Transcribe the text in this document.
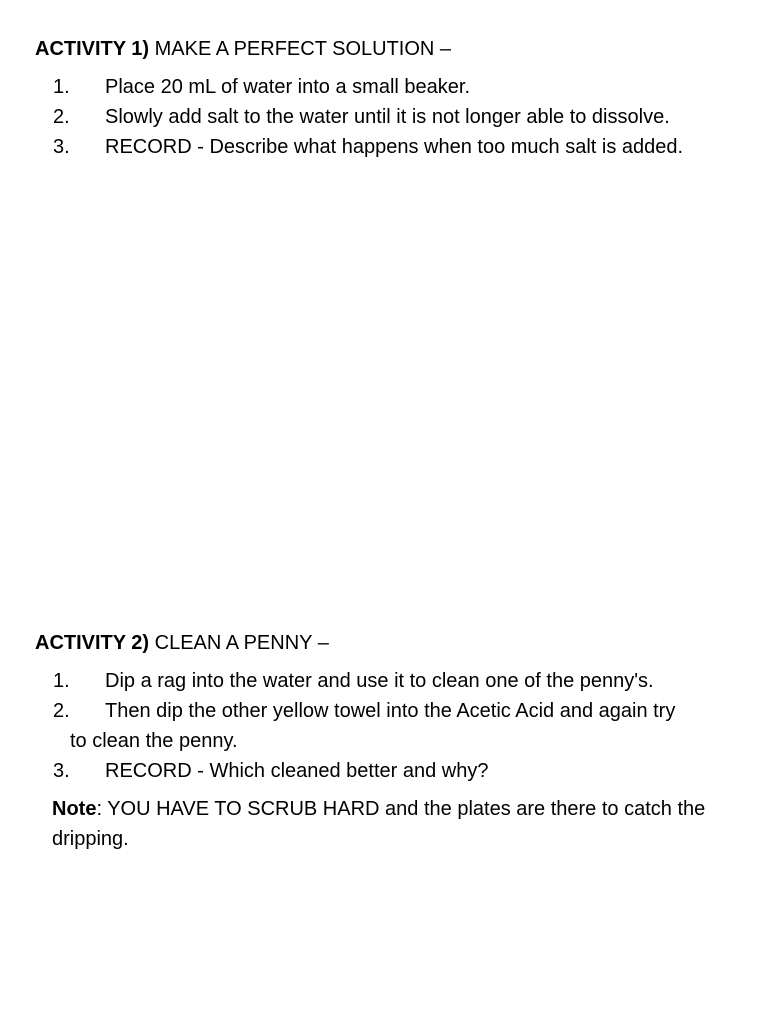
ACTIVITY 1) MAKE A PERFECT SOLUTION –

1. Place 20 mL of water into a small beaker.
2. Slowly add salt to the water until it is not longer able to dissolve.
3. RECORD - Describe what happens when too much salt is added.

ACTIVITY 2) CLEAN A PENNY –

1. Dip a rag into the water and use it to clean one of the penny's.
2. Then dip the other yellow towel into the Acetic Acid and again try
to clean the penny.
3. RECORD - Which cleaned better and why?

Note: YOU HAVE TO SCRUB HARD and the plates are there to catch the dripping.
